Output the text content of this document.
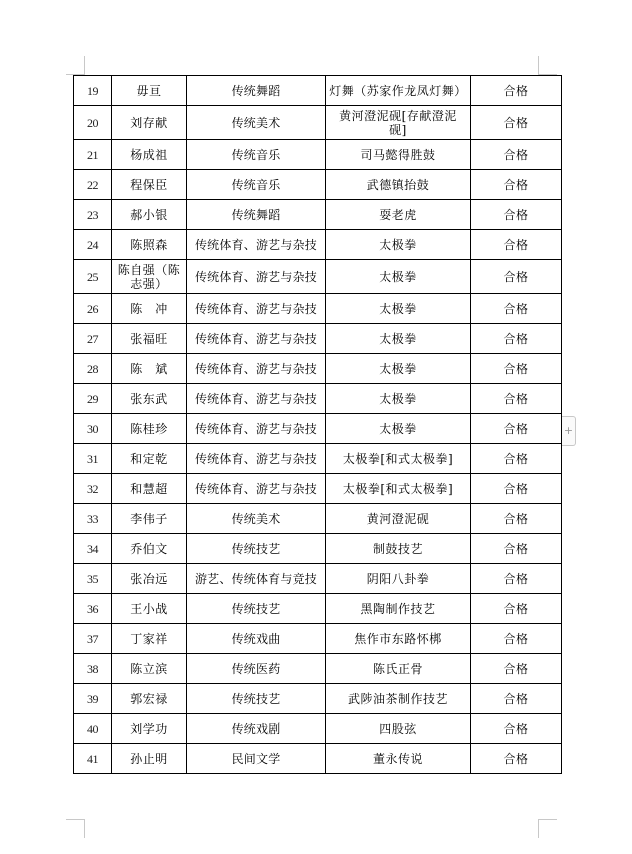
19	毋亘	传统舞蹈	灯舞（苏家作龙凤灯舞）	合格
20	刘存献	传统美术	黄河澄泥砚[存献澄泥砚]	合格
21	杨成祖	传统音乐	司马懿得胜鼓	合格
22	程保臣	传统音乐	武德镇抬鼓	合格
23	郝小银	传统舞蹈	耍老虎	合格
24	陈照森	传统体育、游艺与杂技	太极拳	合格
25	陈自强（陈志强）	传统体育、游艺与杂技	太极拳	合格
26	陈　冲	传统体育、游艺与杂技	太极拳	合格
27	张福旺	传统体育、游艺与杂技	太极拳	合格
28	陈　斌	传统体育、游艺与杂技	太极拳	合格
29	张东武	传统体育、游艺与杂技	太极拳	合格
30	陈桂珍	传统体育、游艺与杂技	太极拳	合格
31	和定乾	传统体育、游艺与杂技	太极拳[和式太极拳]	合格
32	和慧超	传统体育、游艺与杂技	太极拳[和式太极拳]	合格
33	李伟子	传统美术	黄河澄泥砚	合格
34	乔伯文	传统技艺	制鼓技艺	合格
35	张冶远	游艺、传统体育与竞技	阴阳八卦拳	合格
36	王小战	传统技艺	黑陶制作技艺	合格
37	丁家祥	传统戏曲	焦作市东路怀梆	合格
38	陈立滨	传统医药	陈氏正骨	合格
39	郭宏禄	传统技艺	武陟油茶制作技艺	合格
40	刘学功	传统戏剧	四股弦	合格
41	孙止明	民间文学	董永传说	合格
+
